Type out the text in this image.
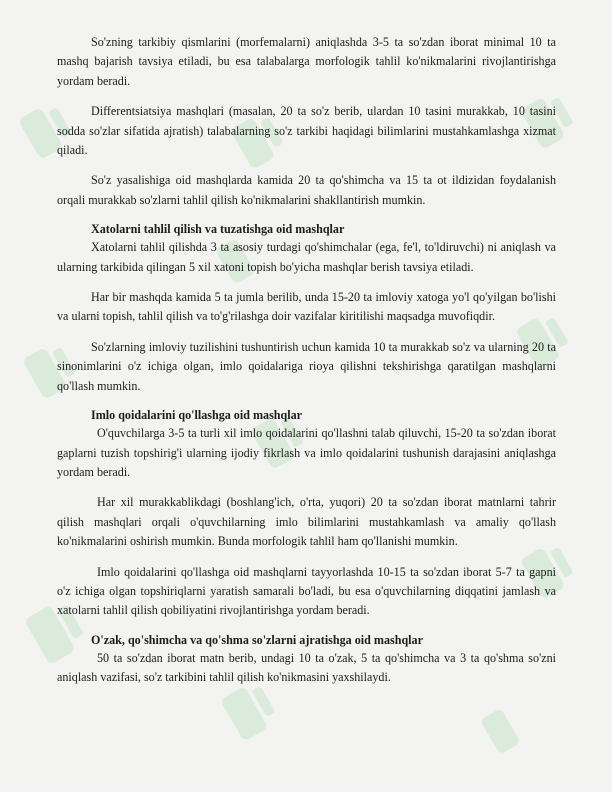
So'zning tarkibiy qismlarini (morfemalarni) aniqlashda 3-5 ta so'zdan iborat minimal 10 ta mashq bajarish tavsiya etiladi, bu esa talabalarga morfologik tahlil ko'nikmalarini rivojlantirishga yordam beradi.

Differentsiatsiya mashqlari (masalan, 20 ta so'z berib, ulardan 10 tasini murakkab, 10 tasini sodda so'zlar sifatida ajratish) talabalarning so'z tarkibi haqidagi bilimlarini mustahkamlashga xizmat qiladi.

So'z yasalishiga oid mashqlarda kamida 20 ta qo'shimcha va 15 ta ot ildizidan foydalanish orqali murakkab so'zlarni tahlil qilish ko'nikmalarini shakllantirish mumkin.

Xatolarni tahlil qilish va tuzatishga oid mashqlar

Xatolarni tahlil qilishda 3 ta asosiy turdagi qo'shimchalar (ega, fe'l, to'ldiruvchi) ni aniqlash va ularning tarkibida qilingan 5 xil xatoni topish bo'yicha mashqlar berish tavsiya etiladi.

Har bir mashqda kamida 5 ta jumla berilib, unda 15-20 ta imloviy xatoga yo'l qo'yilgan bo'lishi va ularni topish, tahlil qilish va to'g'rilashga doir vazifalar kiritilishi maqsadga muvofiqdir.

So'zlarning imloviy tuzilishini tushuntirish uchun kamida 10 ta murakkab so'z va ularning 20 ta sinonimlarini o'z ichiga olgan, imlo qoidalariga rioya qilishni tekshirishga qaratilgan mashqlarni qo'llash mumkin.

Imlo qoidalarini qo'llashga oid mashqlar

O'quvchilarga 3-5 ta turli xil imlo qoidalarini qo'llashni talab qiluvchi, 15-20 ta so'zdan iborat gaplarni tuzish topshirig'i ularning ijodiy fikrlash va imlo qoidalarini tushunish darajasini aniqlashga yordam beradi.

Har xil murakkablikdagi (boshlang'ich, o'rta, yuqori) 20 ta so'zdan iborat matnlarni tahrir qilish mashqlari orqali o'quvchilarning imlo bilimlarini mustahkamlash va amaliy qo'llash ko'nikmalarini oshirish mumkin. Bunda morfologik tahlil ham qo'llanishi mumkin.

Imlo qoidalarini qo'llashga oid mashqlarni tayyorlashda 10-15 ta so'zdan iborat 5-7 ta gapni o'z ichiga olgan topshiriqlarni yaratish samarali bo'ladi, bu esa o'quvchilarning diqqatini jamlash va xatolarni tahlil qilish qobiliyatini rivojlantirishga yordam beradi.

O'zak, qo'shimcha va qo'shma so'zlarni ajratishga oid mashqlar

50 ta so'zdan iborat matn berib, undagi 10 ta o'zak, 5 ta qo'shimcha va 3 ta qo'shma so'zni aniqlash vazifasi, so'z tarkibini tahlil qilish ko'nikmasini yaxshilaydi.
